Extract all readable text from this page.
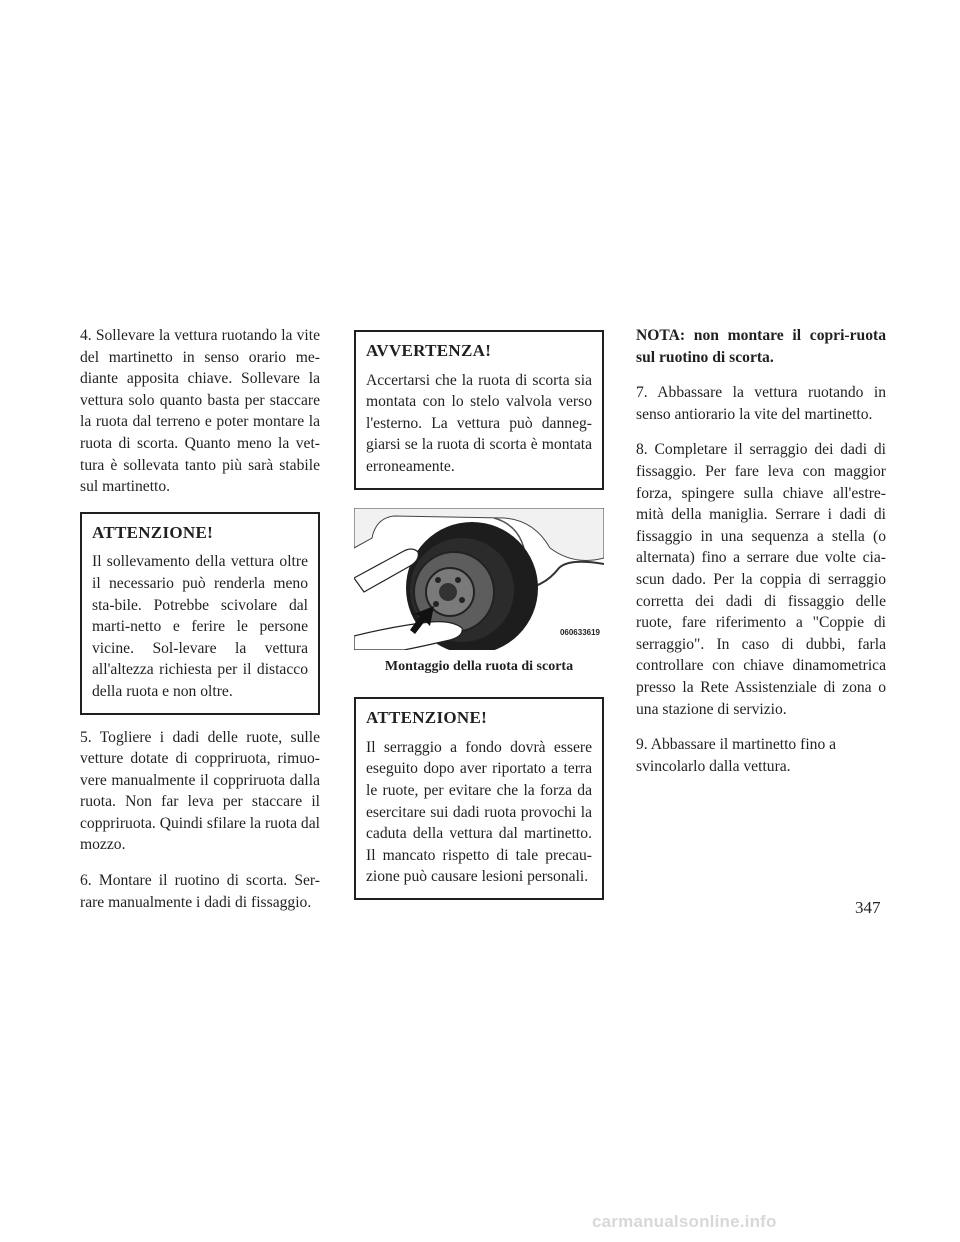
4. Sollevare la vettura ruotando la vite del martinetto in senso orario me-diante apposita chiave. Sollevare la vettura solo quanto basta per staccare la ruota dal terreno e poter montare la ruota di scorta. Quanto meno la vet-tura è sollevata tanto più sarà stabile sul martinetto.

ATTENZIONE!

Il sollevamento della vettura oltre il necessario può renderla meno sta-bile. Potrebbe scivolare dal marti-netto e ferire le persone vicine. Sol-levare la vettura all'altezza richiesta per il distacco della ruota e non oltre.

5. Togliere i dadi delle ruote, sulle vetture dotate di coppriruota, rimuo-vere manualmente il coppriruota dalla ruota. Non far leva per staccare il coppriruota. Quindi sfilare la ruota dal mozzo.

6. Montare il ruotino di scorta. Ser-rare manualmente i dadi di fissaggio.

AVVERTENZA!

Accertarsi che la ruota di scorta sia montata con lo stelo valvola verso l'esterno. La vettura può danneg-giarsi se la ruota di scorta è montata erroneamente.

060633619
Montaggio della ruota di scorta
ATTENZIONE!

Il serraggio a fondo dovrà essere eseguito dopo aver riportato a terra le ruote, per evitare che la forza da esercitare sui dadi ruota provochi la caduta della vettura dal martinetto. Il mancato rispetto di tale precau-zione può causare lesioni personali.

NOTA: non montare il copri-ruota sul ruotino di scorta.

7. Abbassare la vettura ruotando in senso antiorario la vite del martinetto.

8. Completare il serraggio dei dadi di fissaggio. Per fare leva con maggior forza, spingere sulla chiave all'estre-mità della maniglia. Serrare i dadi di fissaggio in una sequenza a stella (o alternata) fino a serrare due volte cia-scun dado. Per la coppia di serraggio corretta dei dadi di fissaggio delle ruote, fare riferimento a "Coppie di serraggio". In caso di dubbi, farla controllare con chiave dinamometrica presso la Rete Assistenziale di zona o una stazione di servizio.

9. Abbassare il martinetto fino a svincolarlo dalla vettura.

347
carmanualsonline.info
